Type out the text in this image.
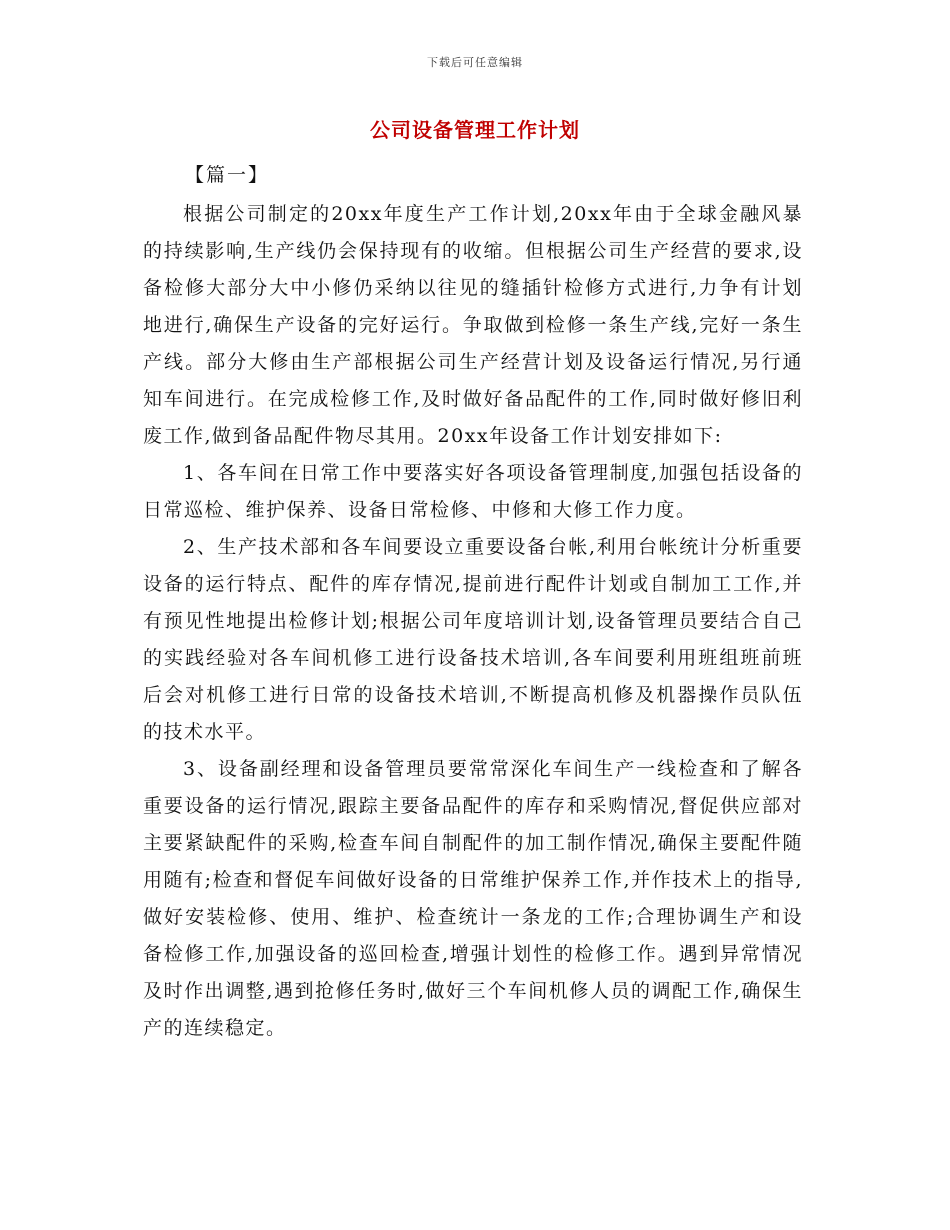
下载后可任意编辑
公司设备管理工作计划
【篇一】

根据公司制定的20xx年度生产工作计划,20xx年由于全球金融风暴的持续影响,生产线仍会保持现有的收缩。但根据公司生产经营的要求,设备检修大部分大中小修仍采纳以往见的缝插针检修方式进行,力争有计划地进行,确保生产设备的完好运行。争取做到检修一条生产线,完好一条生产线。部分大修由生产部根据公司生产经营计划及设备运行情况,另行通知车间进行。在完成检修工作,及时做好备品配件的工作,同时做好修旧利废工作,做到备品配件物尽其用。20xx年设备工作计划安排如下:

1、各车间在日常工作中要落实好各项设备管理制度,加强包括设备的日常巡检、维护保养、设备日常检修、中修和大修工作力度。

2、生产技术部和各车间要设立重要设备台帐,利用台帐统计分析重要设备的运行特点、配件的库存情况,提前进行配件计划或自制加工工作,并有预见性地提出检修计划;根据公司年度培训计划,设备管理员要结合自己的实践经验对各车间机修工进行设备技术培训,各车间要利用班组班前班后会对机修工进行日常的设备技术培训,不断提高机修及机器操作员队伍的技术水平。

3、设备副经理和设备管理员要常常深化车间生产一线检查和了解各重要设备的运行情况,跟踪主要备品配件的库存和采购情况,督促供应部对主要紧缺配件的采购,检查车间自制配件的加工制作情况,确保主要配件随用随有;检查和督促车间做好设备的日常维护保养工作,并作技术上的指导,做好安装检修、使用、维护、检查统计一条龙的工作;合理协调生产和设备检修工作,加强设备的巡回检查,增强计划性的检修工作。遇到异常情况及时作出调整,遇到抢修任务时,做好三个车间机修人员的调配工作,确保生产的连续稳定。
